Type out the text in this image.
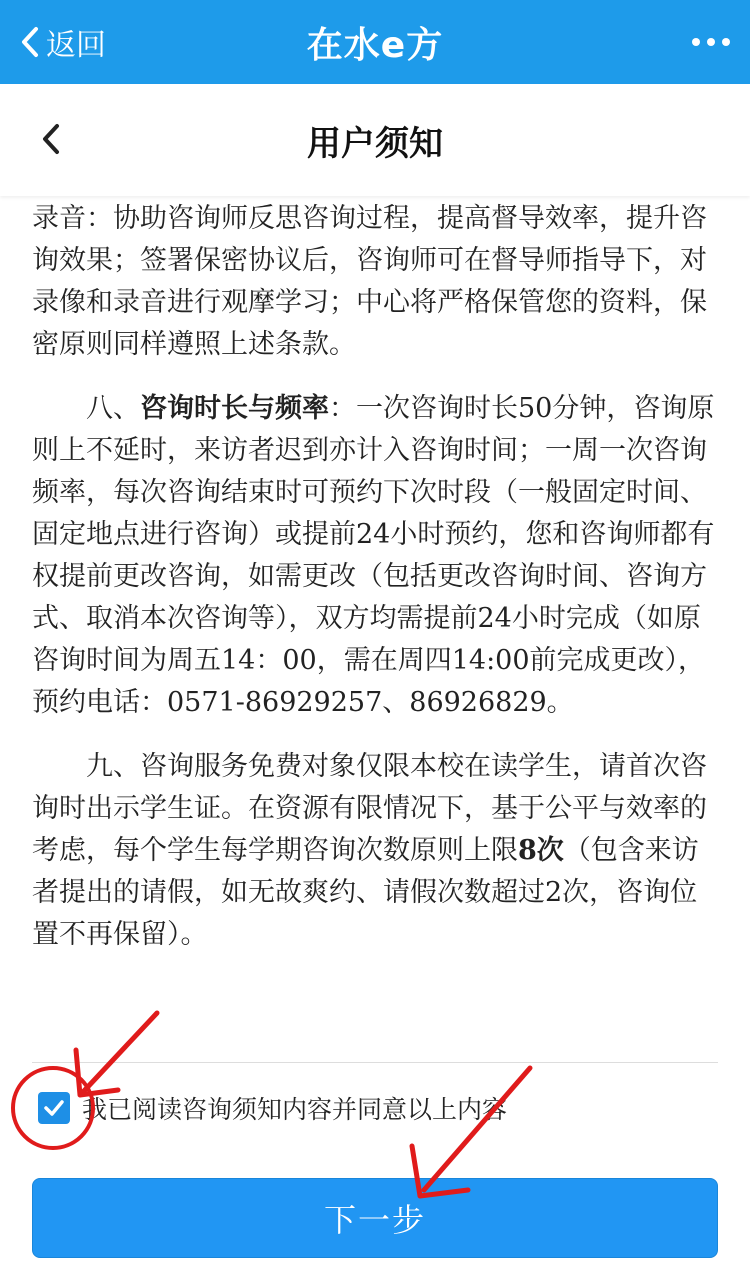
返回	在水e方
用户须知

录音：协助咨询师反思咨询过程，提高督导效率，提升咨询效果；签署保密协议后，咨询师可在督导师指导下，对录像和录音进行观摩学习；中心将严格保管您的资料，保密原则同样遵照上述条款。

八、咨询时长与频率：一次咨询时长50分钟，咨询原则上不延时，来访者迟到亦计入咨询时间；一周一次咨询频率，每次咨询结束时可预约下次时段（一般固定时间、固定地点进行咨询）或提前24小时预约，您和咨询师都有权提前更改咨询，如需更改（包括更改咨询时间、咨询方式、取消本次咨询等），双方均需提前24小时完成（如原咨询时间为周五14：00，需在周四14:00前完成更改），预约电话：0571-86929257、86926829。

九、咨询服务免费对象仅限本校在读学生，请首次咨询时出示学生证。在资源有限情况下，基于公平与效率的考虑，每个学生每学期咨询次数原则上限8次（包含来访者提出的请假，如无故爽约、请假次数超过2次，咨询位置不再保留）。

我已阅读咨询须知内容并同意以上内容
下一步
